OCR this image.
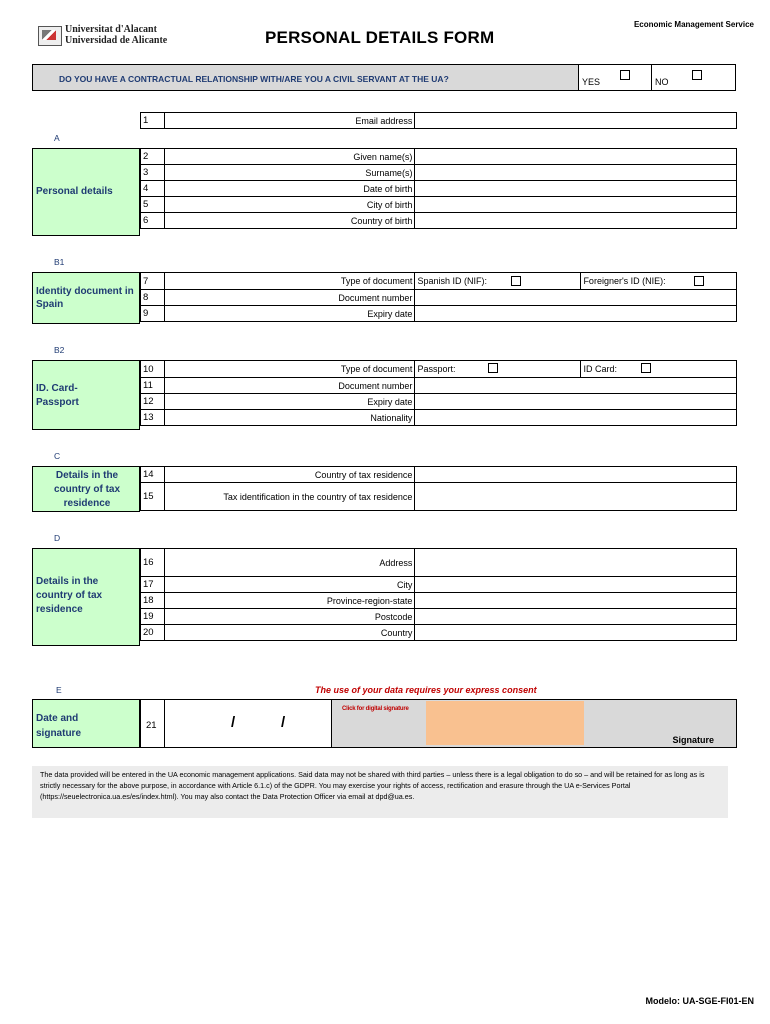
Universitat d'Alacant
Universidad de Alicante	PERSONAL DETAILS FORM
Economic Management Service
DO YOU HAVE A CONTRACTUAL RELATIONSHIP WITH/ARE YOU A CIVIL SERVANT AT THE UA?	YES	NO
1	Email address	
A
Personal details
2	Given name(s)	
3	Surname(s)	
4	Date of birth	
5	City of birth	
6	Country of birth	
B1
Identity document in Spain
7	Type of document	Spanish ID (NIF): Foreigner's ID (NIE):

8	Document number	
9	Expiry date	
B2
ID. Card-
Passport
10	Type of document	Passport: ID Card:

11	Document number	
12	Expiry date	
13	Nationality	
C
Details in the country of tax residence
14	Country of tax residence	
15	Tax identification in the country of tax residence	
D
Details in the country of tax residence
16	Address	
17	City	
18	Province-region-state	
19	Postcode	
20	Country	
E	The use of your data requires your express consent
Date and signature
21	/	/
Click for digital signature
Signature
The data provided will be entered in the UA economic management applications. Said data may not be shared with third parties – unless there is a legal obligation to do so – and will be retained for as long as is strictly necessary for the above purpose, in accordance with Article 6.1.c) of the GDPR. You may exercise your rights of access, rectification and erasure through the UA e-Services Portal (https://seuelectronica.ua.es/es/index.html). You may also contact the Data Protection Officer via email at dpd@ua.es.
Modelo: UA-SGE-FI01-EN
